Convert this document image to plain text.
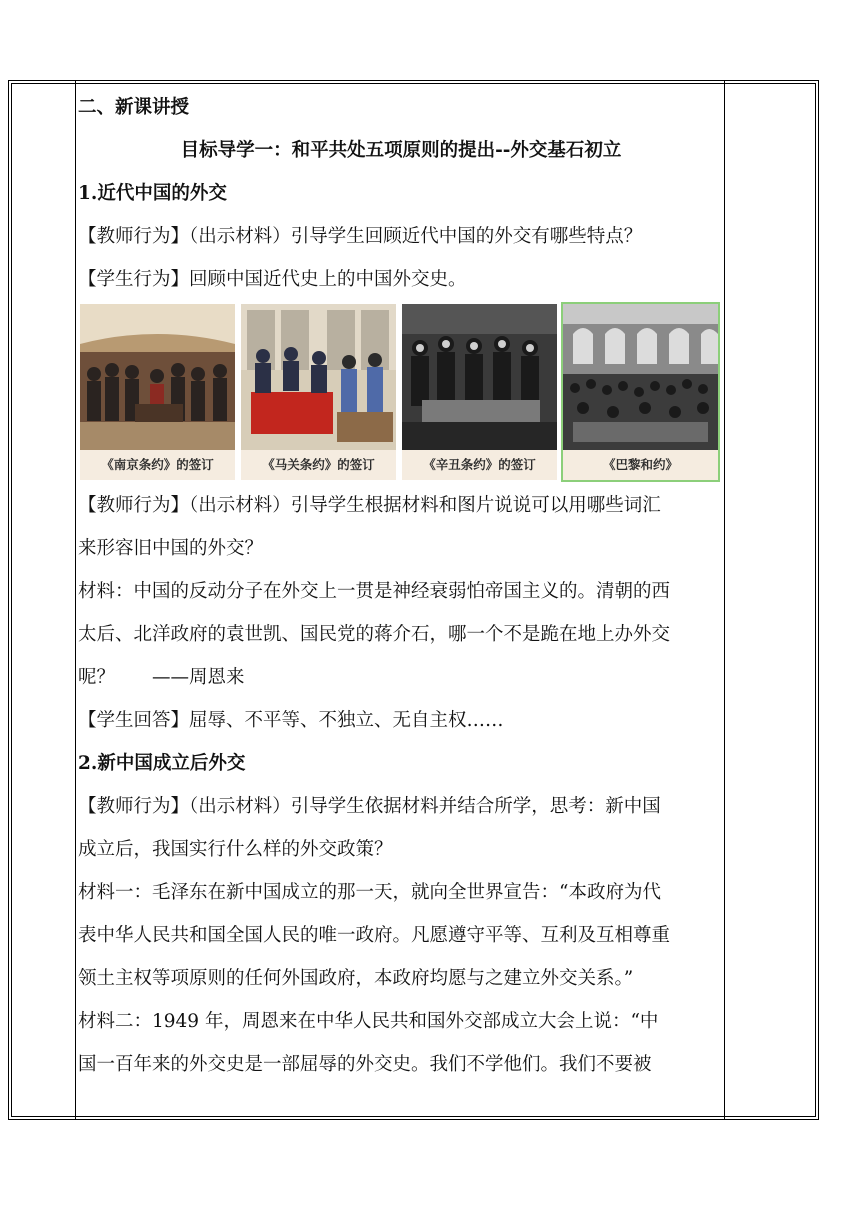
二、新课讲授
目标导学一：和平共处五项原则的提出--外交基石初立
1.近代中国的外交
【教师行为】（出示材料）引导学生回顾近代中国的外交有哪些特点？
【学生行为】回顾中国近代史上的中国外交史。
《南京条约》的签订	《马关条约》的签订	《辛丑条约》的签订	《巴黎和约》
【教师行为】（出示材料）引导学生根据材料和图片说说可以用哪些词汇
来形容旧中国的外交？
材料：中国的反动分子在外交上一贯是神经衰弱怕帝国主义的。清朝的西
太后、北洋政府的袁世凯、国民党的蒋介石，哪一个不是跪在地上办外交
呢？　　——周恩来
【学生回答】屈辱、不平等、不独立、无自主权……
2.新中国成立后外交
【教师行为】（出示材料）引导学生依据材料并结合所学，思考：新中国
成立后，我国实行什么样的外交政策？
材料一：毛泽东在新中国成立的那一天，就向全世界宣告：“本政府为代
表中华人民共和国全国人民的唯一政府。凡愿遵守平等、互利及互相尊重
领土主权等项原则的任何外国政府，本政府均愿与之建立外交关系。”
材料二：1949 年，周恩来在中华人民共和国外交部成立大会上说：“中
国一百年来的外交史是一部屈辱的外交史。我们不学他们。我们不要被
